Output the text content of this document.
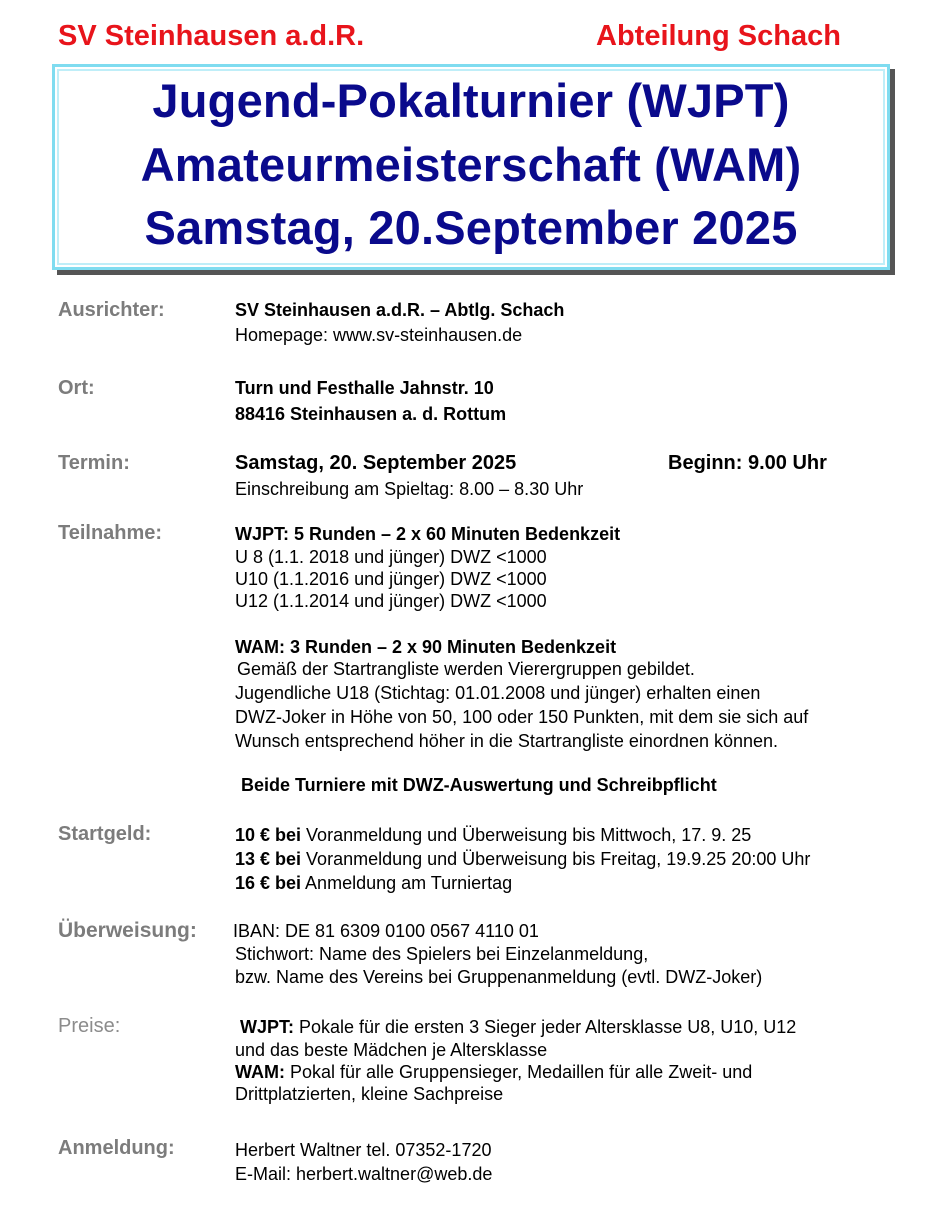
SV Steinhausen a.d.R.	Abteilung Schach
Jugend-Pokalturnier (WJPT)
Amateurmeisterschaft (WAM)
Samstag, 20.September 2025
Ausrichter:	SV Steinhausen a.d.R. – Abtlg. Schach
Homepage: www.sv-steinhausen.de
Ort:	Turn und Festhalle Jahnstr. 10
88416 Steinhausen a. d. Rottum
Termin:	Samstag, 20. September 2025	Beginn: 9.00 Uhr
Einschreibung am Spieltag: 8.00 – 8.30 Uhr
Teilnahme:	WJPT: 5 Runden – 2 x 60 Minuten Bedenkzeit
U 8 (1.1. 2018 und jünger) DWZ <1000
U10 (1.1.2016 und jünger) DWZ <1000
U12 (1.1.2014 und jünger) DWZ <1000
WAM: 3 Runden – 2 x 90 Minuten Bedenkzeit
Gemäß der Startrangliste werden Vierergruppen gebildet.
Jugendliche U18 (Stichtag: 01.01.2008 und jünger) erhalten einen
DWZ-Joker in Höhe von 50, 100 oder 150 Punkten, mit dem sie sich auf
Wunsch entsprechend höher in die Startrangliste einordnen können.
Beide Turniere mit DWZ-Auswertung und Schreibpflicht
Startgeld:	10 € bei Voranmeldung und Überweisung bis Mittwoch, 17. 9. 25
13 € bei Voranmeldung und Überweisung bis Freitag, 19.9.25 20:00 Uhr
16 € bei Anmeldung am Turniertag
Überweisung: IBAN: DE 81 6309 0100 0567 4110 01
Stichwort: Name des Spielers bei Einzelanmeldung,
bzw. Name des Vereins bei Gruppenanmeldung (evtl. DWZ-Joker)
Preise:	WJPT: Pokale für die ersten 3 Sieger jeder Altersklasse U8, U10, U12
und das beste Mädchen je Altersklasse
WAM: Pokal für alle Gruppensieger, Medaillen für alle Zweit- und
Drittplatzierten, kleine Sachpreise
Anmeldung:	Herbert Waltner tel. 07352-1720
E-Mail: herbert.waltner@web.de
